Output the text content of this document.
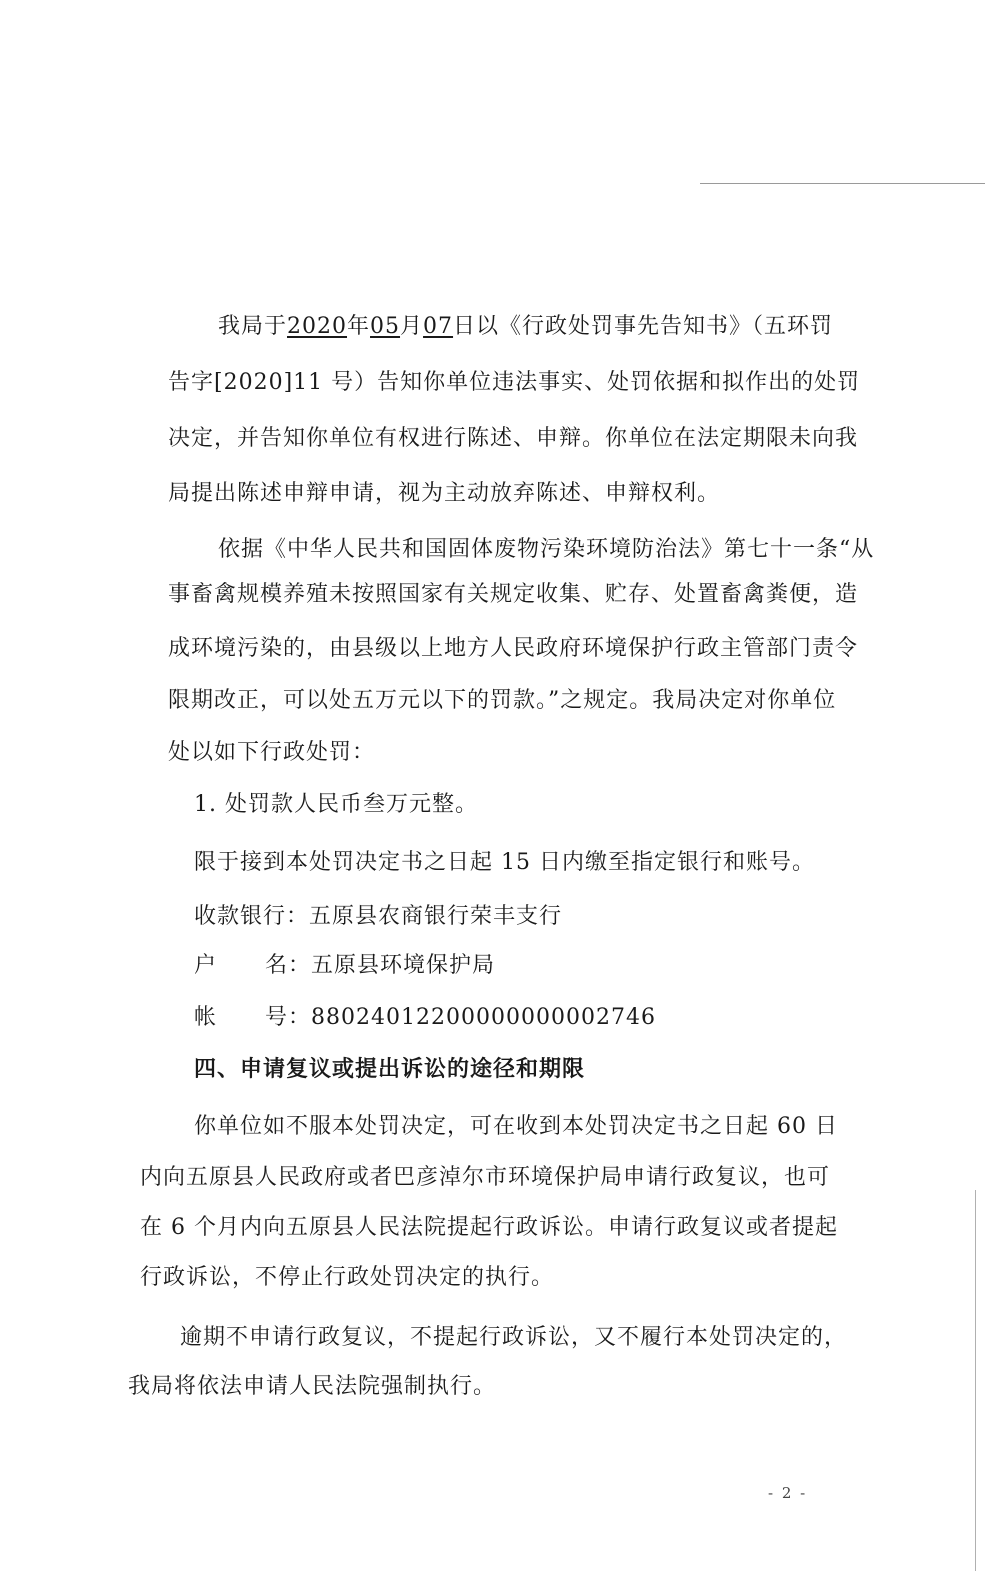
我局于2020年05月07日以《行政处罚事先告知书》（五环罚
告字[2020]11 号）告知你单位违法事实、处罚依据和拟作出的处罚
决定，并告知你单位有权进行陈述、申辩。你单位在法定期限未向我
局提出陈述申辩申请，视为主动放弃陈述、申辩权利。
依据《中华人民共和国固体废物污染环境防治法》第七十一条“从
事畜禽规模养殖未按照国家有关规定收集、贮存、处置畜禽粪便，造
成环境污染的，由县级以上地方人民政府环境保护行政主管部门责令
限期改正，可以处五万元以下的罚款。”之规定。我局决定对你单位
处以如下行政处罚：
1. 处罚款人民币叁万元整。
限于接到本处罚决定书之日起 15 日内缴至指定银行和账号。
收款银行：五原县农商银行荣丰支行
户 名：五原县环境保护局
帐 号：88024012200000000002746
四、申请复议或提出诉讼的途径和期限
你单位如不服本处罚决定，可在收到本处罚决定书之日起 60 日
内向五原县人民政府或者巴彦淖尔市环境保护局申请行政复议，也可
在 6 个月内向五原县人民法院提起行政诉讼。申请行政复议或者提起
行政诉讼，不停止行政处罚决定的执行。
逾期不申请行政复议，不提起行政诉讼，又不履行本处罚决定的，
我局将依法申请人民法院强制执行。
- 2 -
